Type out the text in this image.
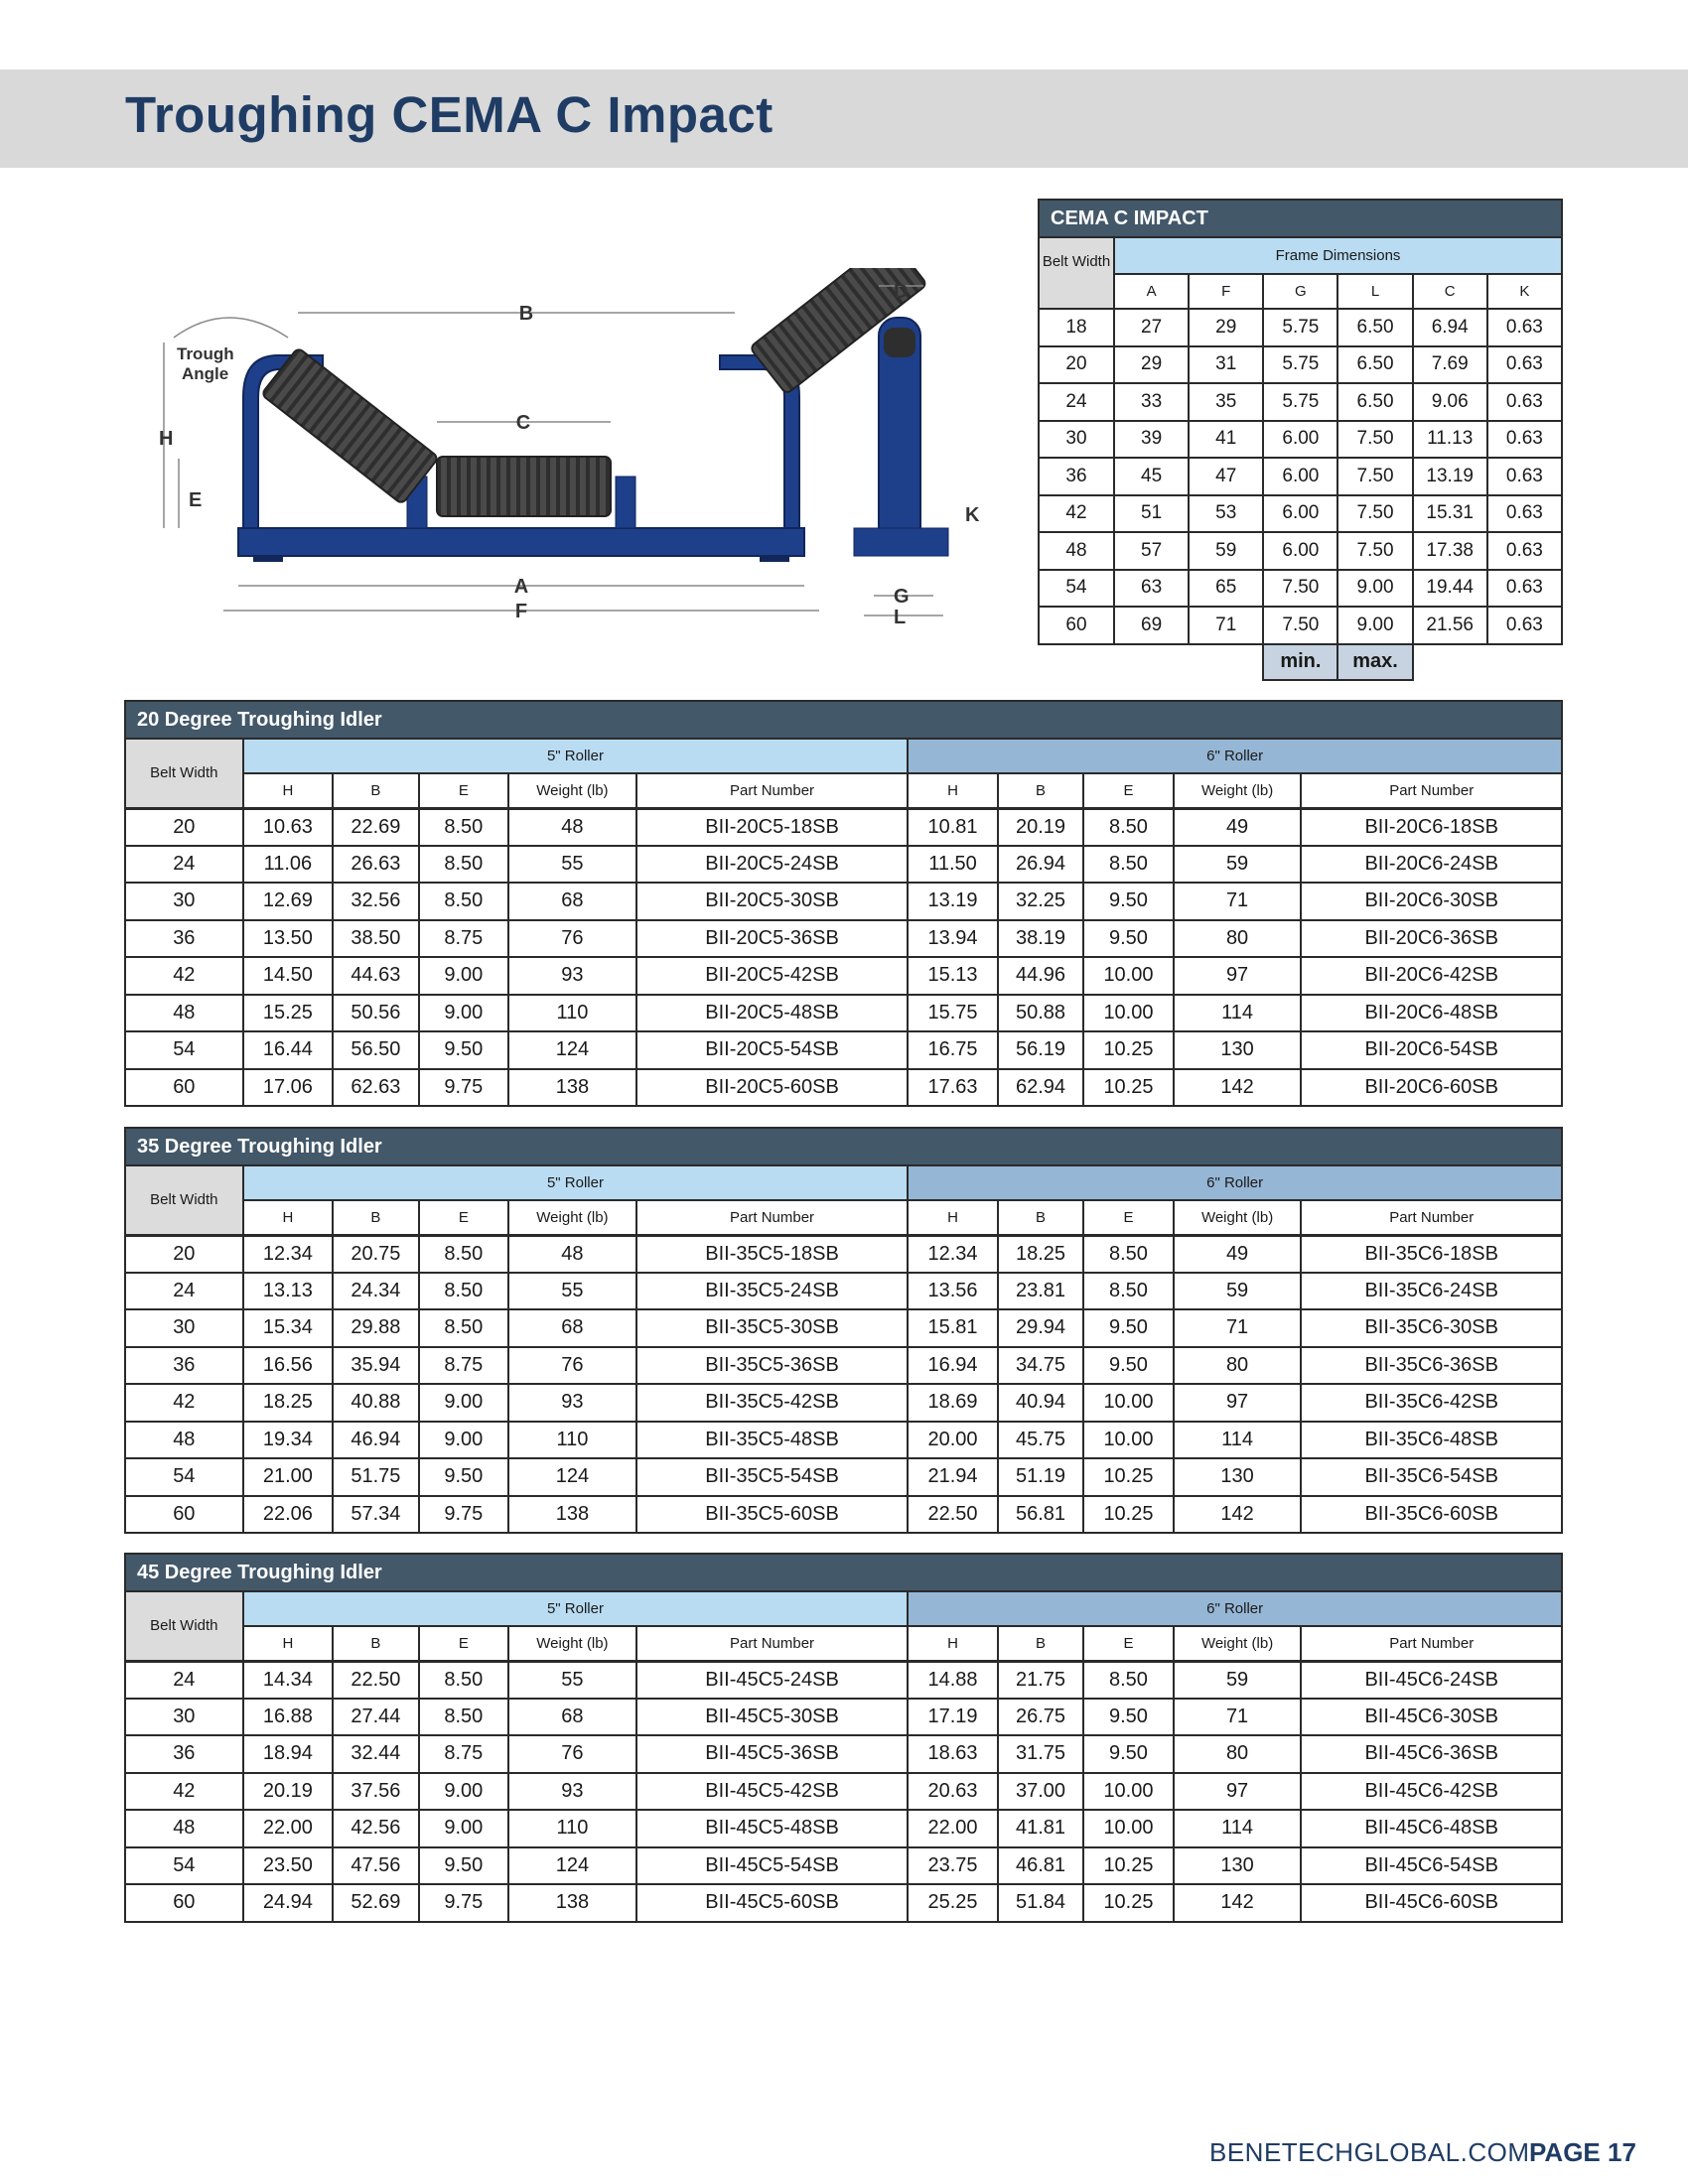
Troughing CEMA C Impact
B
C
H
E
A
F
Trough
Angle
D
K
G
L
CEMA C IMPACT						
Belt Width	Frame Dimensions					
	A	F	G	L	C	K
18	27	29	5.75	6.50	6.94	0.63
20	29	31	5.75	6.50	7.69	0.63
24	33	35	5.75	6.50	9.06	0.63
30	39	41	6.00	7.50	11.13	0.63
36	45	47	6.00	7.50	13.19	0.63
42	51	53	6.00	7.50	15.31	0.63
48	57	59	6.00	7.50	17.38	0.63
54	63	65	7.50	9.00	19.44	0.63
60	69	71	7.50	9.00	21.56	0.63
			min.	max.		
20 Degree Troughing Idler										
Belt Width	5" Roller					6" Roller				
	H	B	E	Weight (lb)	Part Number	H	B	E	Weight (lb)	Part Number
20	10.63	22.69	8.50	48	BII-20C5-18SB	10.81	20.19	8.50	49	BII-20C6-18SB
24	11.06	26.63	8.50	55	BII-20C5-24SB	11.50	26.94	8.50	59	BII-20C6-24SB
30	12.69	32.56	8.50	68	BII-20C5-30SB	13.19	32.25	9.50	71	BII-20C6-30SB
36	13.50	38.50	8.75	76	BII-20C5-36SB	13.94	38.19	9.50	80	BII-20C6-36SB
42	14.50	44.63	9.00	93	BII-20C5-42SB	15.13	44.96	10.00	97	BII-20C6-42SB
48	15.25	50.56	9.00	110	BII-20C5-48SB	15.75	50.88	10.00	114	BII-20C6-48SB
54	16.44	56.50	9.50	124	BII-20C5-54SB	16.75	56.19	10.25	130	BII-20C6-54SB
60	17.06	62.63	9.75	138	BII-20C5-60SB	17.63	62.94	10.25	142	BII-20C6-60SB
35 Degree Troughing Idler										
Belt Width	5" Roller					6" Roller				
	H	B	E	Weight (lb)	Part Number	H	B	E	Weight (lb)	Part Number
20	12.34	20.75	8.50	48	BII-35C5-18SB	12.34	18.25	8.50	49	BII-35C6-18SB
24	13.13	24.34	8.50	55	BII-35C5-24SB	13.56	23.81	8.50	59	BII-35C6-24SB
30	15.34	29.88	8.50	68	BII-35C5-30SB	15.81	29.94	9.50	71	BII-35C6-30SB
36	16.56	35.94	8.75	76	BII-35C5-36SB	16.94	34.75	9.50	80	BII-35C6-36SB
42	18.25	40.88	9.00	93	BII-35C5-42SB	18.69	40.94	10.00	97	BII-35C6-42SB
48	19.34	46.94	9.00	110	BII-35C5-48SB	20.00	45.75	10.00	114	BII-35C6-48SB
54	21.00	51.75	9.50	124	BII-35C5-54SB	21.94	51.19	10.25	130	BII-35C6-54SB
60	22.06	57.34	9.75	138	BII-35C5-60SB	22.50	56.81	10.25	142	BII-35C6-60SB
45 Degree Troughing Idler										
Belt Width	5" Roller					6" Roller				
	H	B	E	Weight (lb)	Part Number	H	B	E	Weight (lb)	Part Number
24	14.34	22.50	8.50	55	BII-45C5-24SB	14.88	21.75	8.50	59	BII-45C6-24SB
30	16.88	27.44	8.50	68	BII-45C5-30SB	17.19	26.75	9.50	71	BII-45C6-30SB
36	18.94	32.44	8.75	76	BII-45C5-36SB	18.63	31.75	9.50	80	BII-45C6-36SB
42	20.19	37.56	9.00	93	BII-45C5-42SB	20.63	37.00	10.00	97	BII-45C6-42SB
48	22.00	42.56	9.00	110	BII-45C5-48SB	22.00	41.81	10.00	114	BII-45C6-48SB
54	23.50	47.56	9.50	124	BII-45C5-54SB	23.75	46.81	10.25	130	BII-45C6-54SB
60	24.94	52.69	9.75	138	BII-45C5-60SB	25.25	51.84	10.25	142	BII-45C6-60SB
BENETECHGLOBAL.COM PAGE 17
